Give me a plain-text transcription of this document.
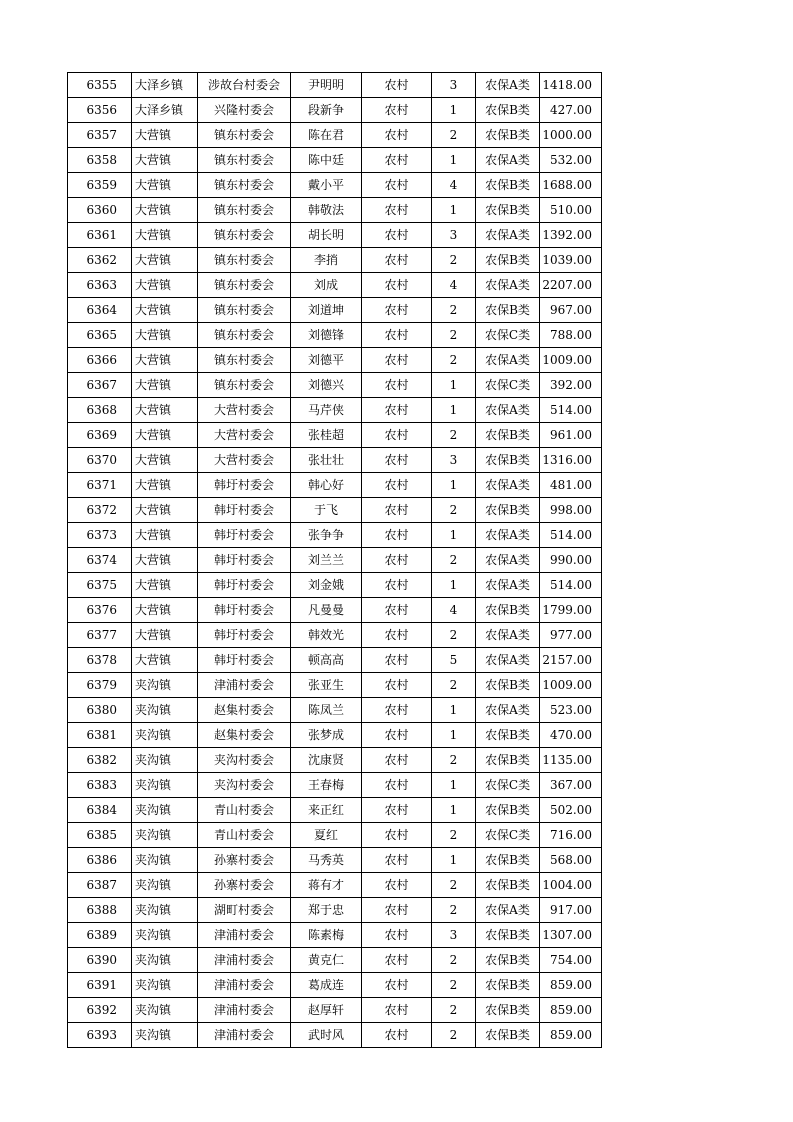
6355	大泽乡镇	涉故台村委会	尹明明	农村	3	农保A类	1418.00
6356	大泽乡镇	兴隆村委会	段新争	农村	1	农保B类	427.00
6357	大营镇	镇东村委会	陈在君	农村	2	农保B类	1000.00
6358	大营镇	镇东村委会	陈中廷	农村	1	农保A类	532.00
6359	大营镇	镇东村委会	戴小平	农村	4	农保B类	1688.00
6360	大营镇	镇东村委会	韩敬法	农村	1	农保B类	510.00
6361	大营镇	镇东村委会	胡长明	农村	3	农保A类	1392.00
6362	大营镇	镇东村委会	李捎	农村	2	农保B类	1039.00
6363	大营镇	镇东村委会	刘成	农村	4	农保A类	2207.00
6364	大营镇	镇东村委会	刘道坤	农村	2	农保B类	967.00
6365	大营镇	镇东村委会	刘德锋	农村	2	农保C类	788.00
6366	大营镇	镇东村委会	刘德平	农村	2	农保A类	1009.00
6367	大营镇	镇东村委会	刘德兴	农村	1	农保C类	392.00
6368	大营镇	大营村委会	马芹侠	农村	1	农保A类	514.00
6369	大营镇	大营村委会	张桂超	农村	2	农保B类	961.00
6370	大营镇	大营村委会	张壮壮	农村	3	农保B类	1316.00
6371	大营镇	韩圩村委会	韩心好	农村	1	农保A类	481.00
6372	大营镇	韩圩村委会	于飞	农村	2	农保B类	998.00
6373	大营镇	韩圩村委会	张争争	农村	1	农保A类	514.00
6374	大营镇	韩圩村委会	刘兰兰	农村	2	农保A类	990.00
6375	大营镇	韩圩村委会	刘金娥	农村	1	农保A类	514.00
6376	大营镇	韩圩村委会	凡曼曼	农村	4	农保B类	1799.00
6377	大营镇	韩圩村委会	韩效光	农村	2	农保A类	977.00
6378	大营镇	韩圩村委会	顿高高	农村	5	农保A类	2157.00
6379	夹沟镇	津浦村委会	张亚生	农村	2	农保B类	1009.00
6380	夹沟镇	赵集村委会	陈凤兰	农村	1	农保A类	523.00
6381	夹沟镇	赵集村委会	张梦成	农村	1	农保B类	470.00
6382	夹沟镇	夹沟村委会	沈康贤	农村	2	农保B类	1135.00
6383	夹沟镇	夹沟村委会	王春梅	农村	1	农保C类	367.00
6384	夹沟镇	青山村委会	来正红	农村	1	农保B类	502.00
6385	夹沟镇	青山村委会	夏红	农村	2	农保C类	716.00
6386	夹沟镇	孙寨村委会	马秀英	农村	1	农保B类	568.00
6387	夹沟镇	孙寨村委会	蒋有才	农村	2	农保B类	1004.00
6388	夹沟镇	湖町村委会	郑于忠	农村	2	农保A类	917.00
6389	夹沟镇	津浦村委会	陈素梅	农村	3	农保B类	1307.00
6390	夹沟镇	津浦村委会	黄克仁	农村	2	农保B类	754.00
6391	夹沟镇	津浦村委会	葛成连	农村	2	农保B类	859.00
6392	夹沟镇	津浦村委会	赵厚轩	农村	2	农保B类	859.00
6393	夹沟镇	津浦村委会	武时风	农村	2	农保B类	859.00
